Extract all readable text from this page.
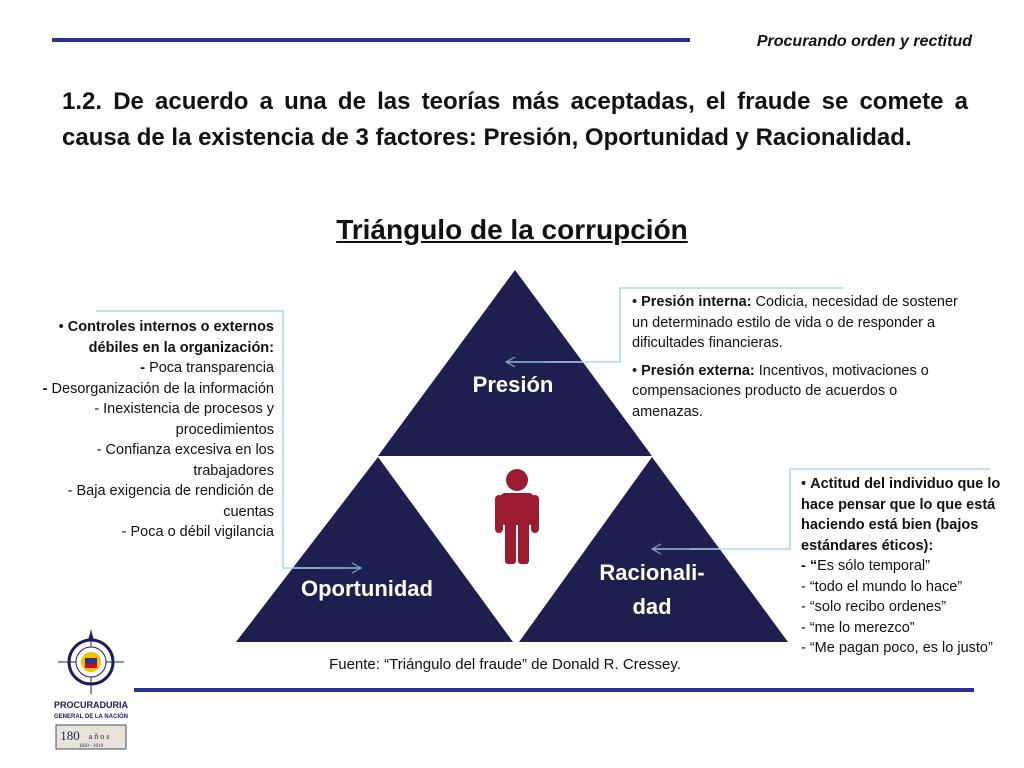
Procurando orden y rectitud
1.2. De acuerdo a una de las teorías más aceptadas, el fraude se comete a causa de la existencia de 3 factores: Presión, Oportunidad y Racionalidad.
Triángulo de la corrupción
Presión
Oportunidad
Racionali-
dad
• Controles internos o externos débiles en la organización:
- Poca transparencia
- Desorganización de la información
- Inexistencia de procesos y procedimientos
- Confianza excesiva en los trabajadores
- Baja exigencia de rendición de cuentas
- Poca o débil vigilancia

• Presión interna: Codicia, necesidad de sostener un determinado estilo de vida o de responder a dificultades financieras.

• Presión externa: Incentivos, motivaciones o compensaciones producto de acuerdos o amenazas.

• Actitud del individuo que lo hace pensar que lo que está haciendo está bien (bajos estándares éticos):
- “Es sólo temporal”
- “todo el mundo lo hace”
- “solo recibo ordenes”
- “me lo merezco”
- “Me pagan poco, es lo justo”
Fuente: “Triángulo del fraude” de Donald R. Cressey.
PROCURADURIA
GENERAL DE LA NACIÓN
180 años
1830 - 2010
